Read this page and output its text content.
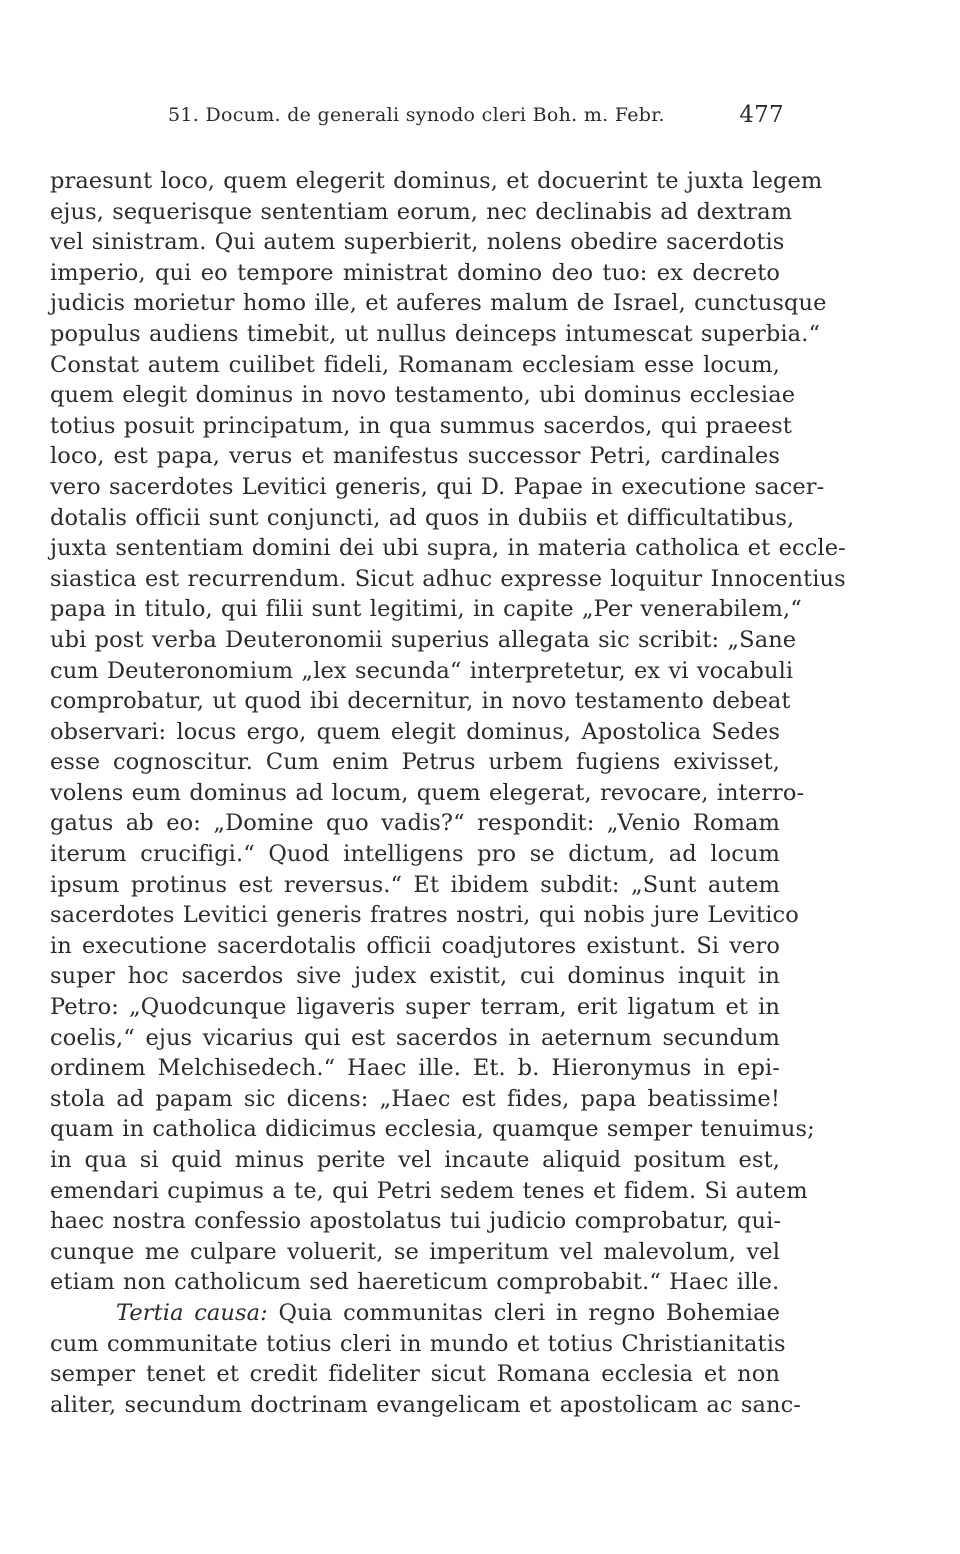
51. Docum. de generali synodo cleri Boh. m. Febr.	477
praesunt loco, quem elegerit dominus, et docuerint te juxta legem
ejus, sequerisque sententiam eorum, nec declinabis ad dextram
vel sinistram. Qui autem superbierit, nolens obedire sacerdotis
imperio, qui eo tempore ministrat domino deo tuo: ex decreto
judicis morietur homo ille, et auferes malum de Israel, cunctusque
populus audiens timebit, ut nullus deinceps intumescat superbia.“
Constat autem cuilibet fideli, Romanam ecclesiam esse locum,
quem elegit dominus in novo testamento, ubi dominus ecclesiae
totius posuit principatum, in qua summus sacerdos, qui praeest
loco, est papa, verus et manifestus successor Petri, cardinales
vero sacerdotes Levitici generis, qui D. Papae in executione sacer-
dotalis officii sunt conjuncti, ad quos in dubiis et difficultatibus,
juxta sententiam domini dei ubi supra, in materia catholica et eccle-
siastica est recurrendum. Sicut adhuc expresse loquitur Innocentius
papa in titulo, qui filii sunt legitimi, in capite „Per venerabilem,“
ubi post verba Deuteronomii superius allegata sic scribit: „Sane
cum Deuteronomium „lex secunda“ interpretetur, ex vi vocabuli
comprobatur, ut quod ibi decernitur, in novo testamento debeat
observari: locus ergo, quem elegit dominus, Apostolica Sedes
esse cognoscitur. Cum enim Petrus urbem fugiens exivisset,
volens eum dominus ad locum, quem elegerat, revocare, interro-
gatus ab eo: „Domine quo vadis?“ respondit: „Venio Romam
iterum crucifigi.“ Quod intelligens pro se dictum, ad locum
ipsum protinus est reversus.“ Et ibidem subdit: „Sunt autem
sacerdotes Levitici generis fratres nostri, qui nobis jure Levitico
in executione sacerdotalis officii coadjutores existunt. Si vero
super hoc sacerdos sive judex existit, cui dominus inquit in
Petro: „Quodcunque ligaveris super terram, erit ligatum et in
coelis,“ ejus vicarius qui est sacerdos in aeternum secundum
ordinem Melchisedech.“ Haec ille. Et. b. Hieronymus in epi-
stola ad papam sic dicens: „Haec est fides, papa beatissime!
quam in catholica didicimus ecclesia, quamque semper tenuimus;
in qua si quid minus perite vel incaute aliquid positum est,
emendari cupimus a te, qui Petri sedem tenes et fidem. Si autem
haec nostra confessio apostolatus tui judicio comprobatur, qui-
cunque me culpare voluerit, se imperitum vel malevolum, vel
etiam non catholicum sed haereticum comprobabit.“ Haec ille.
Tertia causa: Quia communitas cleri in regno Bohemiae
cum communitate totius cleri in mundo et totius Christianitatis
semper tenet et credit fideliter sicut Romana ecclesia et non
aliter, secundum doctrinam evangelicam et apostolicam ac sanc-
